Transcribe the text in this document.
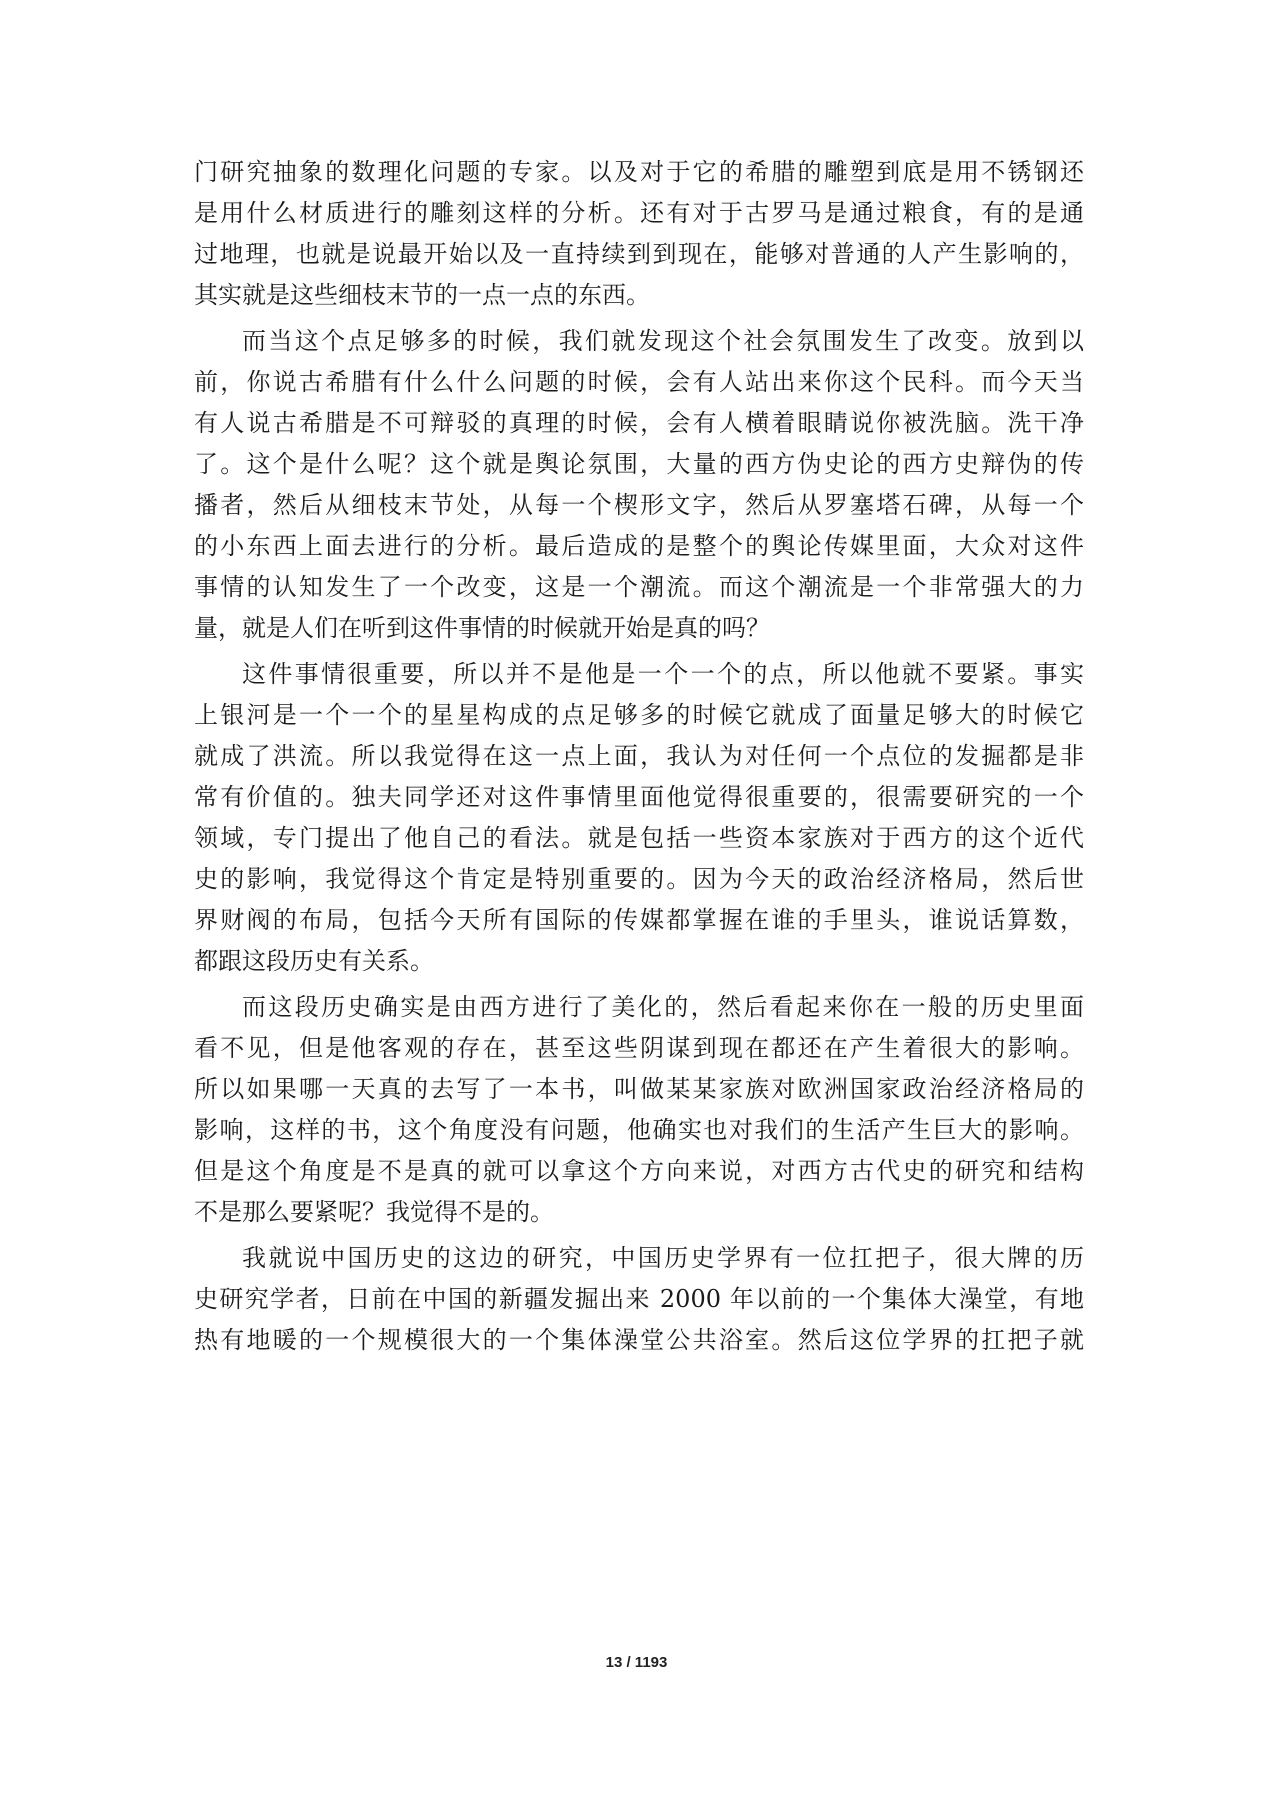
门研究抽象的数理化问题的专家。以及对于它的希腊的雕塑到底是用不锈钢还
是用什么材质进行的雕刻这样的分析。还有对于古罗马是通过粮食，有的是通
过地理，也就是说最开始以及一直持续到到现在，能够对普通的人产生影响的，
其实就是这些细枝末节的一点一点的东西。
而当这个点足够多的时候，我们就发现这个社会氛围发生了改变。放到以
前，你说古希腊有什么什么问题的时候，会有人站出来你这个民科。而今天当
有人说古希腊是不可辩驳的真理的时候，会有人横着眼睛说你被洗脑。洗干净
了。这个是什么呢？这个就是舆论氛围，大量的西方伪史论的西方史辩伪的传
播者，然后从细枝末节处，从每一个楔形文字，然后从罗塞塔石碑，从每一个
的小东西上面去进行的分析。最后造成的是整个的舆论传媒里面，大众对这件
事情的认知发生了一个改变，这是一个潮流。而这个潮流是一个非常强大的力
量，就是人们在听到这件事情的时候就开始是真的吗？
这件事情很重要，所以并不是他是一个一个的点，所以他就不要紧。事实
上银河是一个一个的星星构成的点足够多的时候它就成了面量足够大的时候它
就成了洪流。所以我觉得在这一点上面，我认为对任何一个点位的发掘都是非
常有价值的。独夫同学还对这件事情里面他觉得很重要的，很需要研究的一个
领域，专门提出了他自己的看法。就是包括一些资本家族对于西方的这个近代
史的影响，我觉得这个肯定是特别重要的。因为今天的政治经济格局，然后世
界财阀的布局，包括今天所有国际的传媒都掌握在谁的手里头，谁说话算数，
都跟这段历史有关系。
而这段历史确实是由西方进行了美化的，然后看起来你在一般的历史里面
看不见，但是他客观的存在，甚至这些阴谋到现在都还在产生着很大的影响。
所以如果哪一天真的去写了一本书，叫做某某家族对欧洲国家政治经济格局的
影响，这样的书，这个角度没有问题，他确实也对我们的生活产生巨大的影响。
但是这个角度是不是真的就可以拿这个方向来说，对西方古代史的研究和结构
不是那么要紧呢？我觉得不是的。
我就说中国历史的这边的研究，中国历史学界有一位扛把子，很大牌的历
史研究学者，日前在中国的新疆发掘出来 2000 年以前的一个集体大澡堂，有地
热有地暖的一个规模很大的一个集体澡堂公共浴室。然后这位学界的扛把子就
13 / 1193
